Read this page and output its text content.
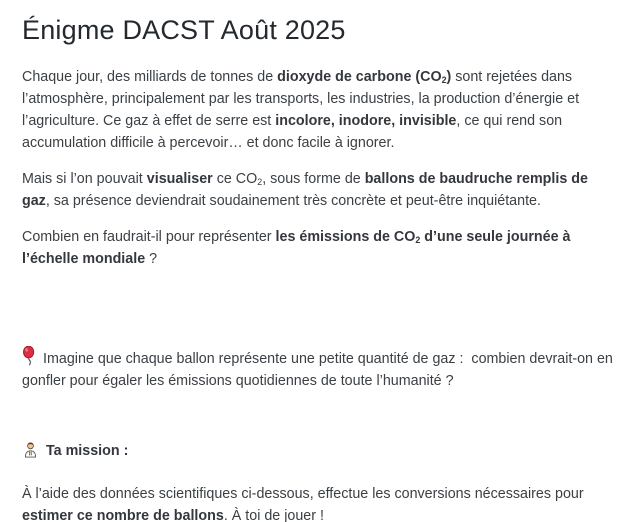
Énigme DACST Août 2025

Chaque jour, des milliards de tonnes de dioxyde de carbone $(CO_2)$ sont rejetées dans l’atmosphère, principalement par les transports, les industries, la production d’énergie et l’agriculture. Ce gaz à effet de serre est incolore, inodore, invisible, ce qui rend son accumulation difficile à percevoir… et donc facile à ignorer.

Mais si l’on pouvait visualiser ce $CO_2$, sous forme de ballons de baudruche remplis de gaz, sa présence deviendrait soudainement très concrète et peut-être inquiétante.

Combien en faudrait-il pour représenter les émissions de $CO_2$ d’une seule journée à l’échelle mondiale ?

Imagine que chaque ballon représente une petite quantité de gaz :  combien devrait-on en gonfler pour égaler les émissions quotidiennes de toute l’humanité ?

Ta mission :

À l’aide des données scientifiques ci-dessous, effectue les conversions nécessaires pour estimer ce nombre de ballons. À toi de jouer !
